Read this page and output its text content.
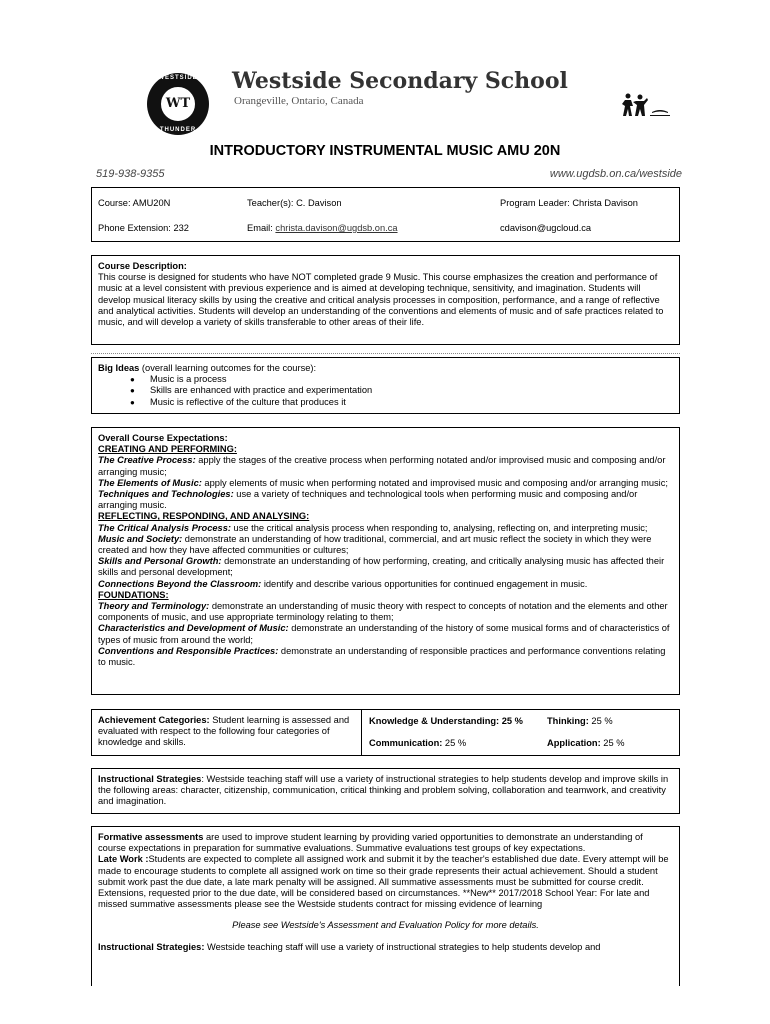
WESTSIDE
WT
THUNDER
Westside Secondary School
Orangeville, Ontario, Canada
INTRODUCTORY INSTRUMENTAL MUSIC AMU 20N
519-938-9355	www.ugdsb.on.ca/westside
Course: AMU20N	Teacher(s): C. Davison	Program Leader: Christa Davison
Phone Extension: 232	Email: christa.davison@ugdsb.on.ca	cdavison@ugcloud.ca
Course Description:
This course is designed for students who have NOT completed grade 9 Music. This course emphasizes the creation and performance of music at a level consistent with previous experience and is aimed at developing technique, sensitivity, and imagination. Students will develop musical literacy skills by using the creative and critical analysis processes in composition, performance, and a range of reflective and analytical activities. Students will develop an understanding of the conventions and elements of music and of safe practices related to music, and will develop a variety of skills transferable to other areas of their life.
Big Ideas (overall learning outcomes for the course):
● Music is a process
● Skills are enhanced with practice and experimentation
● Music is reflective of the culture that produces it
Overall Course Expectations:
CREATING AND PERFORMING:
The Creative Process: apply the stages of the creative process when performing notated and/or improvised music and composing and/or arranging music;
The Elements of Music: apply elements of music when performing notated and improvised music and composing and/or arranging music;
Techniques and Technologies: use a variety of techniques and technological tools when performing music and composing and/or arranging music.
REFLECTING, RESPONDING, AND ANALYSING:
The Critical Analysis Process: use the critical analysis process when responding to, analysing, reflecting on, and interpreting music;
Music and Society: demonstrate an understanding of how traditional, commercial, and art music reflect the society in which they were created and how they have affected communities or cultures;
Skills and Personal Growth: demonstrate an understanding of how performing, creating, and critically analysing music has affected their skills and personal development;
Connections Beyond the Classroom: identify and describe various opportunities for continued engagement in music.
FOUNDATIONS:
Theory and Terminology: demonstrate an understanding of music theory with respect to concepts of notation and the elements and other components of music, and use appropriate terminology relating to them;
Characteristics and Development of Music: demonstrate an understanding of the history of some musical forms and of characteristics of types of music from around the world;
Conventions and Responsible Practices: demonstrate an understanding of responsible practices and performance conventions relating to music.
Achievement Categories: Student learning is assessed and evaluated with respect to the following four categories of knowledge and skills.
Knowledge & Understanding: 25 %	Thinking: 25 %
Communication: 25 %	Application: 25 %
Instructional Strategies: Westside teaching staff will use a variety of instructional strategies to help students develop and improve skills in the following areas: character, citizenship, communication, critical thinking and problem solving, collaboration and teamwork, and creativity and imagination.
Formative assessments are used to improve student learning by providing varied opportunities to demonstrate an understanding of course expectations in preparation for summative evaluations. Summative evaluations test groups of key expectations.
Late Work :Students are expected to complete all assigned work and submit it by the teacher's established due date. Every attempt will be made to encourage students to complete all assigned work on time so their grade represents their actual achievement. Should a student submit work past the due date, a late mark penalty will be assigned. All summative assessments must be submitted for course credit. Extensions, requested prior to the due date, will be considered based on circumstances. **New** 2017/2018 School Year: For late and missed summative assessments please see the Westside students contract for missing evidence of learning
Please see Westside's Assessment and Evaluation Policy for more details.
Instructional Strategies: Westside teaching staff will use a variety of instructional strategies to help students develop and
